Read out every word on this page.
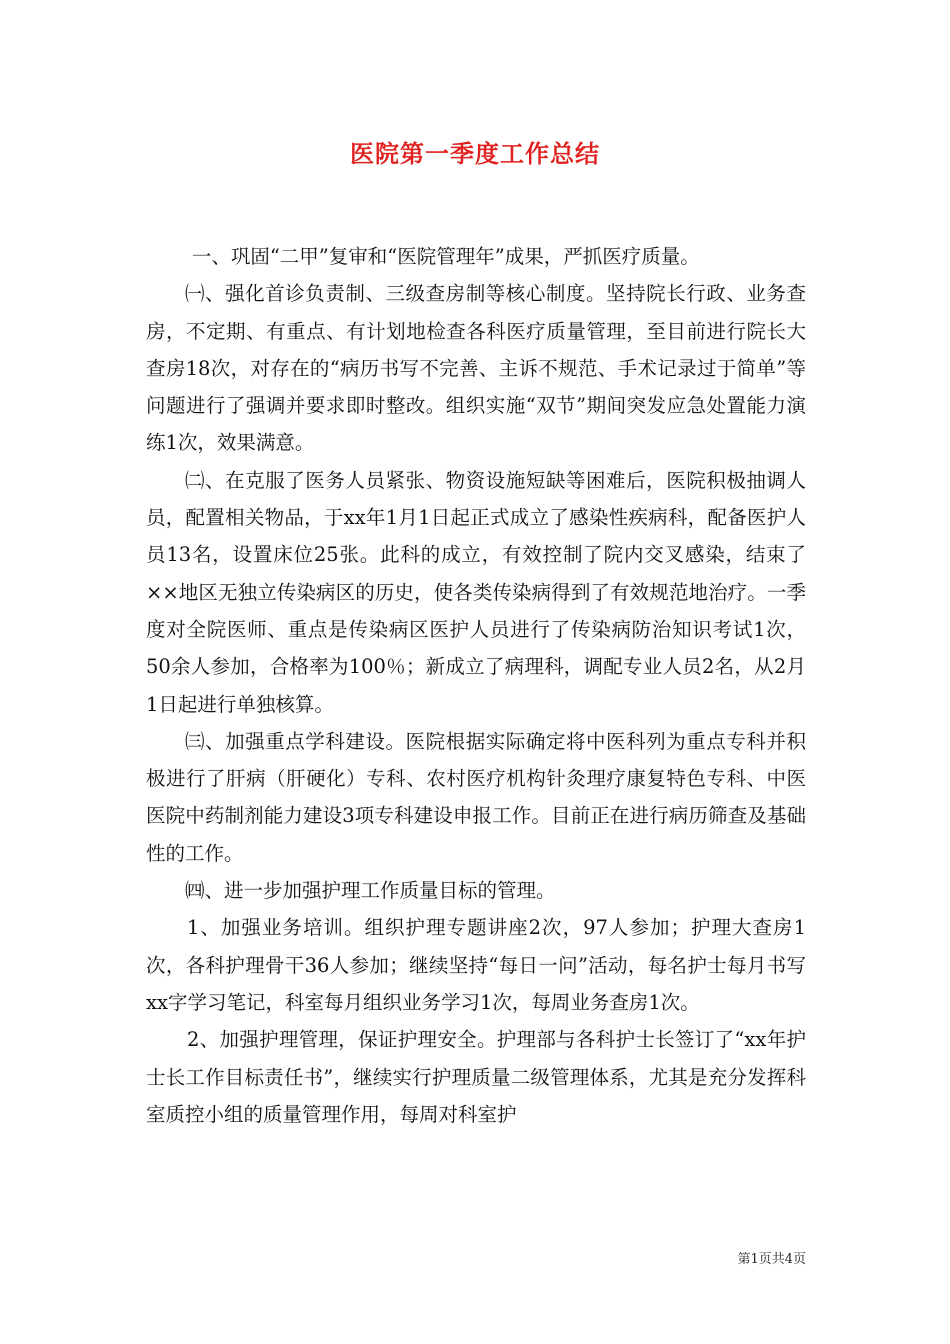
医院第一季度工作总结

一、巩固“二甲”复审和“医院管理年”成果，严抓医疗质量。

㈠、强化首诊负责制、三级查房制等核心制度。坚持院长行政、业务查房，不定期、有重点、有计划地检查各科医疗质量管理，至目前进行院长大查房18次，对存在的“病历书写不完善、主诉不规范、手术记录过于简单”等问题进行了强调并要求即时整改。组织实施“双节”期间突发应急处置能力演练1次，效果满意。

㈡、在克服了医务人员紧张、物资设施短缺等困难后，医院积极抽调人员，配置相关物品，于xx年1月1日起正式成立了感染性疾病科，配备医护人员13名，设置床位25张。此科的成立，有效控制了院内交叉感染，结束了××地区无独立传染病区的历史，使各类传染病得到了有效规范地治疗。一季度对全院医师、重点是传染病区医护人员进行了传染病防治知识考试1次，50余人参加，合格率为100％；新成立了病理科，调配专业人员2名，从2月1日起进行单独核算。

㈢、加强重点学科建设。医院根据实际确定将中医科列为重点专科并积极进行了肝病（肝硬化）专科、农村医疗机构针灸理疗康复特色专科、中医医院中药制剂能力建设3项专科建设申报工作。目前正在进行病历筛查及基础性的工作。

㈣、进一步加强护理工作质量目标的管理。

1、加强业务培训。组织护理专题讲座2次，97人参加；护理大查房1次，各科护理骨干36人参加；继续坚持“每日一问”活动，每名护士每月书写xx字学习笔记，科室每月组织业务学习1次，每周业务查房1次。

2、加强护理管理，保证护理安全。护理部与各科护士长签订了“xx年护士长工作目标责任书”，继续实行护理质量二级管理体系，尤其是充分发挥科室质控小组的质量管理作用，每周对科室护

第1页共4页
